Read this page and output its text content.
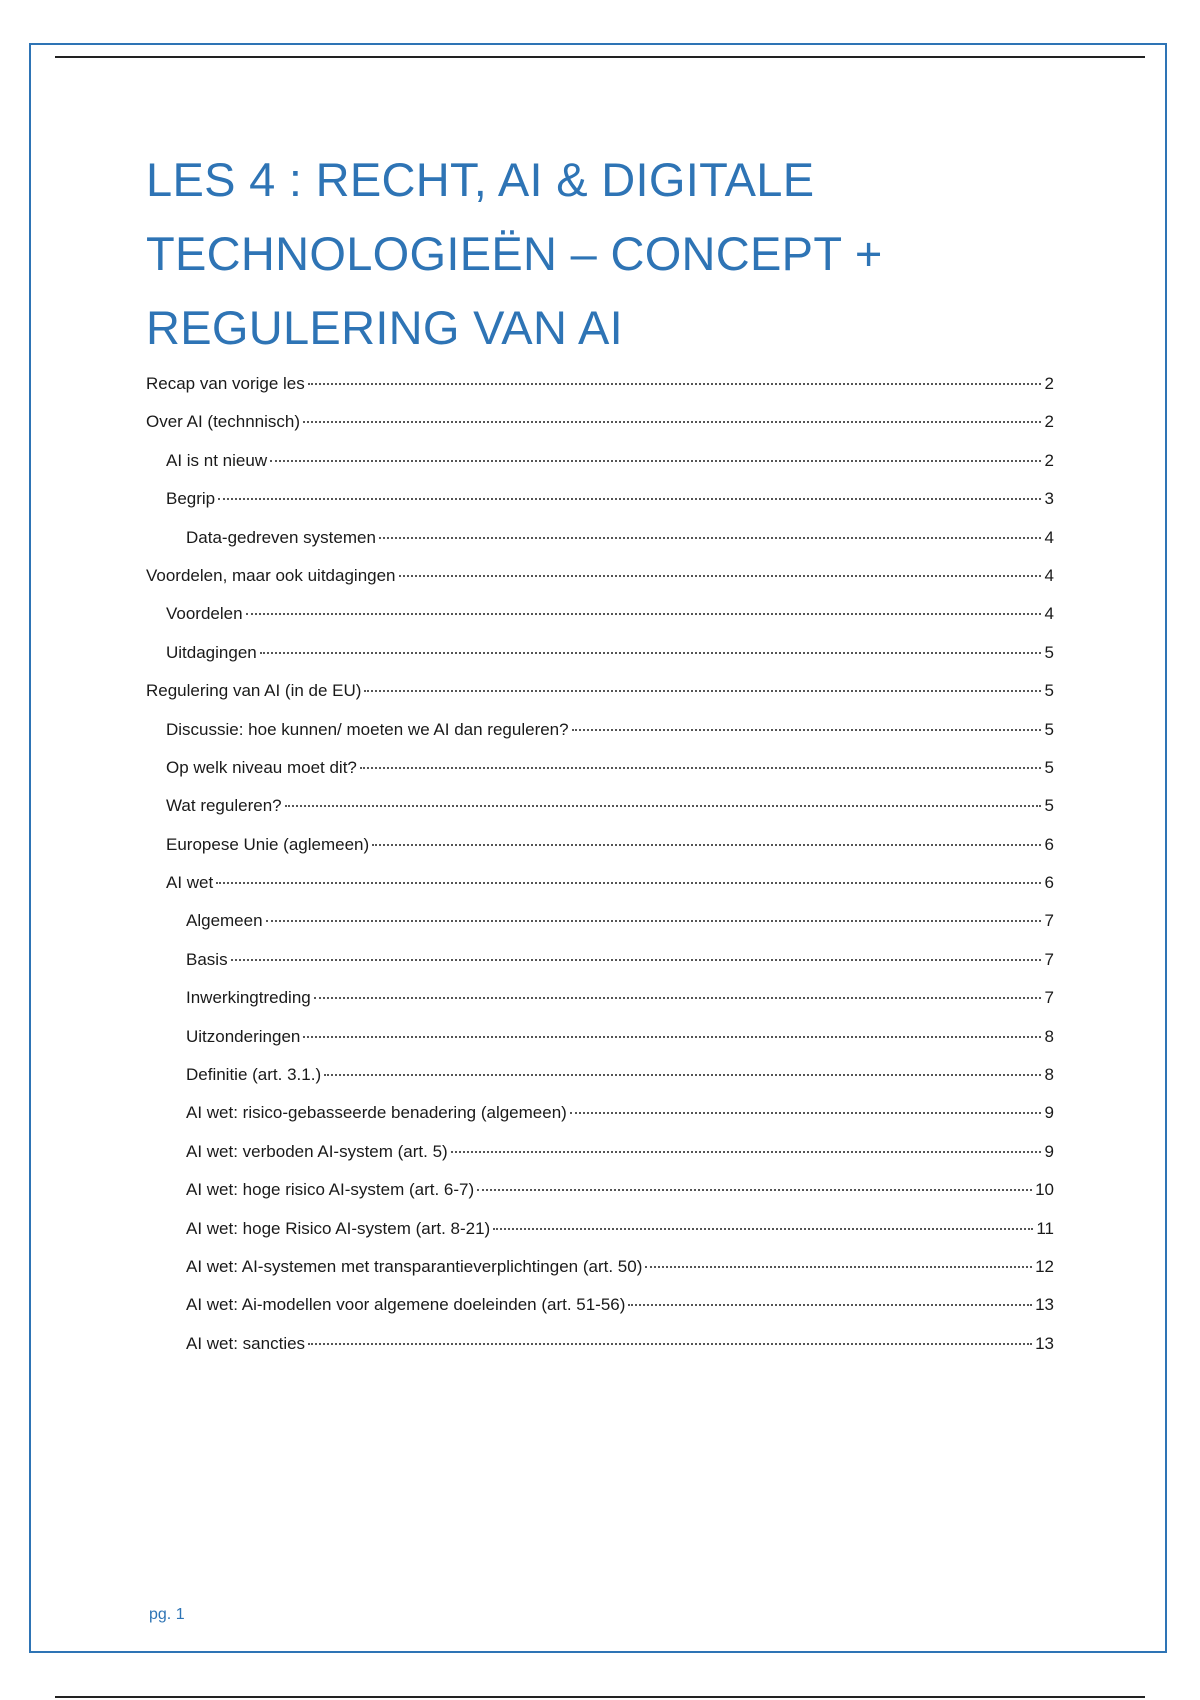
LES 4 : RECHT, AI & DIGITALE
TECHNOLOGIEËN – CONCEPT +
REGULERING VAN AI
Recap van vorige les	2
Over AI (technnisch)	2
AI is nt nieuw	2
Begrip	3
Data-gedreven systemen	4
Voordelen, maar ook uitdagingen	4
Voordelen	4
Uitdagingen	5
Regulering van AI (in de EU)	5
Discussie: hoe kunnen/ moeten we AI dan reguleren?	5
Op welk niveau moet dit?	5
Wat reguleren?	5
Europese Unie (aglemeen)	6
AI wet	6
Algemeen	7
Basis	7
Inwerkingtreding	7
Uitzonderingen	8
Definitie (art. 3.1.)	8
AI wet: risico-gebasseerde benadering (algemeen)	9
AI wet: verboden AI-system (art. 5)	9
AI wet: hoge risico AI-system (art. 6-7)	10
AI wet: hoge Risico AI-system (art. 8-21)	11
AI wet: AI-systemen met transparantieverplichtingen (art. 50)	12
AI wet: Ai-modellen voor algemene doeleinden (art. 51-56)	13
AI wet: sancties	13
pg. 1
